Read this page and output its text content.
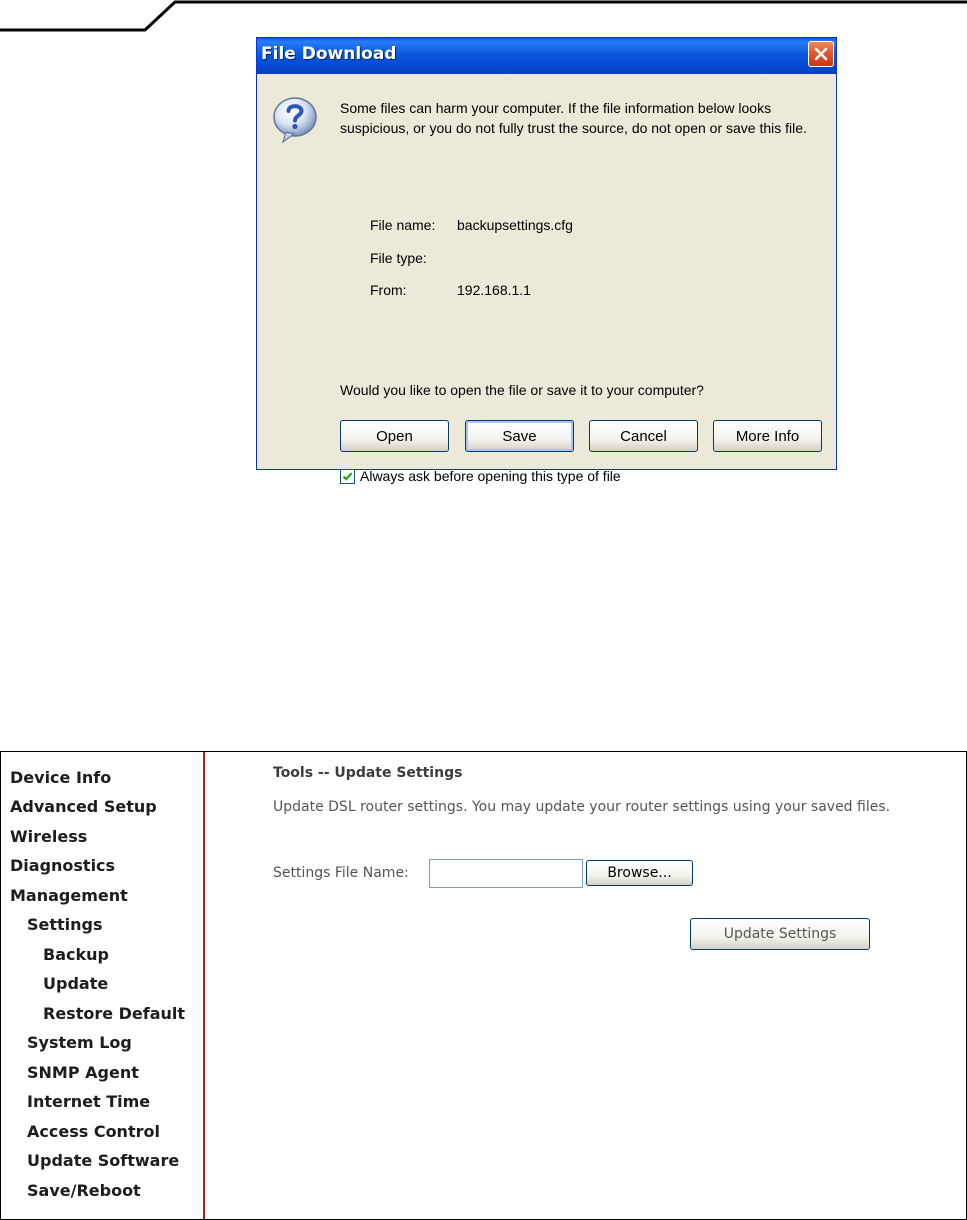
File Download
Some files can harm your computer. If the file information below looks suspicious, or you do not fully trust the source, do not open or save this file.
File name: backupsettings.cfg
File type:
From:	192.168.1.1
Would you like to open the file or save it to your computer?
Open	Save	Cancel	More Info
Always ask before opening this type of file
Device Info
Advanced Setup
Wireless
Diagnostics
Management
Settings
Backup
Update
Restore Default
System Log
SNMP Agent
Internet Time
Access Control
Update Software
Save/Reboot
Tools -- Update Settings
Update DSL router settings. You may update your router settings using your saved files.
Settings File Name:	Browse...
Update Settings
